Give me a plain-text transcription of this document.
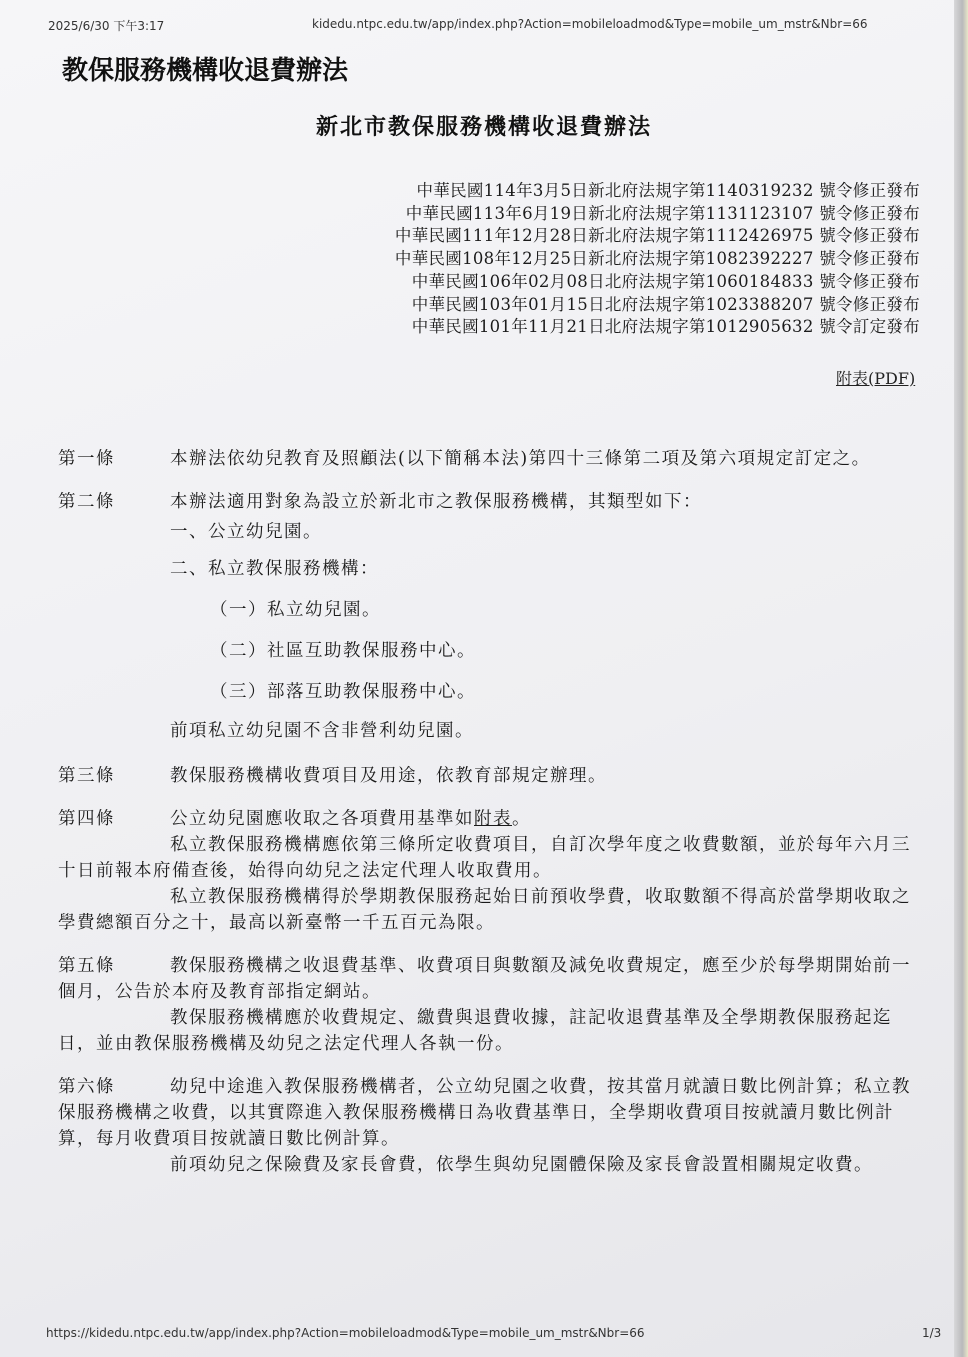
2025/6/30 下午3:17	kidedu.ntpc.edu.tw/app/index.php?Action=mobileloadmod&Type=mobile_um_mstr&Nbr=66
教保服務機構收退費辦法
新北市教保服務機構收退費辦法
中華民國114年3月5日新北府法規字第1140319232 號令修正發布
中華民國113年6月19日新北府法規字第1131123107 號令修正發布
中華民國111年12月28日新北府法規字第1112426975 號令修正發布
中華民國108年12月25日新北府法規字第1082392227 號令修正發布
中華民國106年02月08日北府法規字第1060184833 號令修正發布
中華民國103年01月15日北府法規字第1023388207 號令修正發布
中華民國101年11月21日北府法規字第1012905632 號令訂定發布
附表(PDF)

第一條	本辦法依幼兒教育及照顧法(以下簡稱本法)第四十三條第二項及第六項規定訂定之。

第二條	本辦法適用對象為設立於新北市之教保服務機構，其類型如下：

一、公立幼兒園。

二、私立教保服務機構：

（一）私立幼兒園。

（二）社區互助教保服務中心。

（三）部落互助教保服務中心。

前項私立幼兒園不含非營利幼兒園。

第三條	教保服務機構收費項目及用途，依教育部規定辦理。

第四條	公立幼兒園應收取之各項費用基準如附表。

私立教保服務機構應依第三條所定收費項目，自訂次學年度之收費數額，並於每年六月三十日前報本府備查後，始得向幼兒之法定代理人收取費用。

私立教保服務機構得於學期教保服務起始日前預收學費，收取數額不得高於當學期收取之學費總額百分之十，最高以新臺幣一千五百元為限。

第五條	教保服務機構之收退費基準、收費項目與數額及減免收費規定，應至少於每學期開始前一個月，公告於本府及教育部指定網站。

教保服務機構應於收費規定、繳費與退費收據，註記收退費基準及全學期教保服務起迄日，並由教保服務機構及幼兒之法定代理人各執一份。

第六條	幼兒中途進入教保服務機構者，公立幼兒園之收費，按其當月就讀日數比例計算；私立教保服務機構之收費，以其實際進入教保服務機構日為收費基準日，全學期收費項目按就讀月數比例計算，每月收費項目按就讀日數比例計算。

前項幼兒之保險費及家長會費，依學生與幼兒園體保險及家長會設置相關規定收費。

https://kidedu.ntpc.edu.tw/app/index.php?Action=mobileloadmod&Type=mobile_um_mstr&Nbr=66	1/3
